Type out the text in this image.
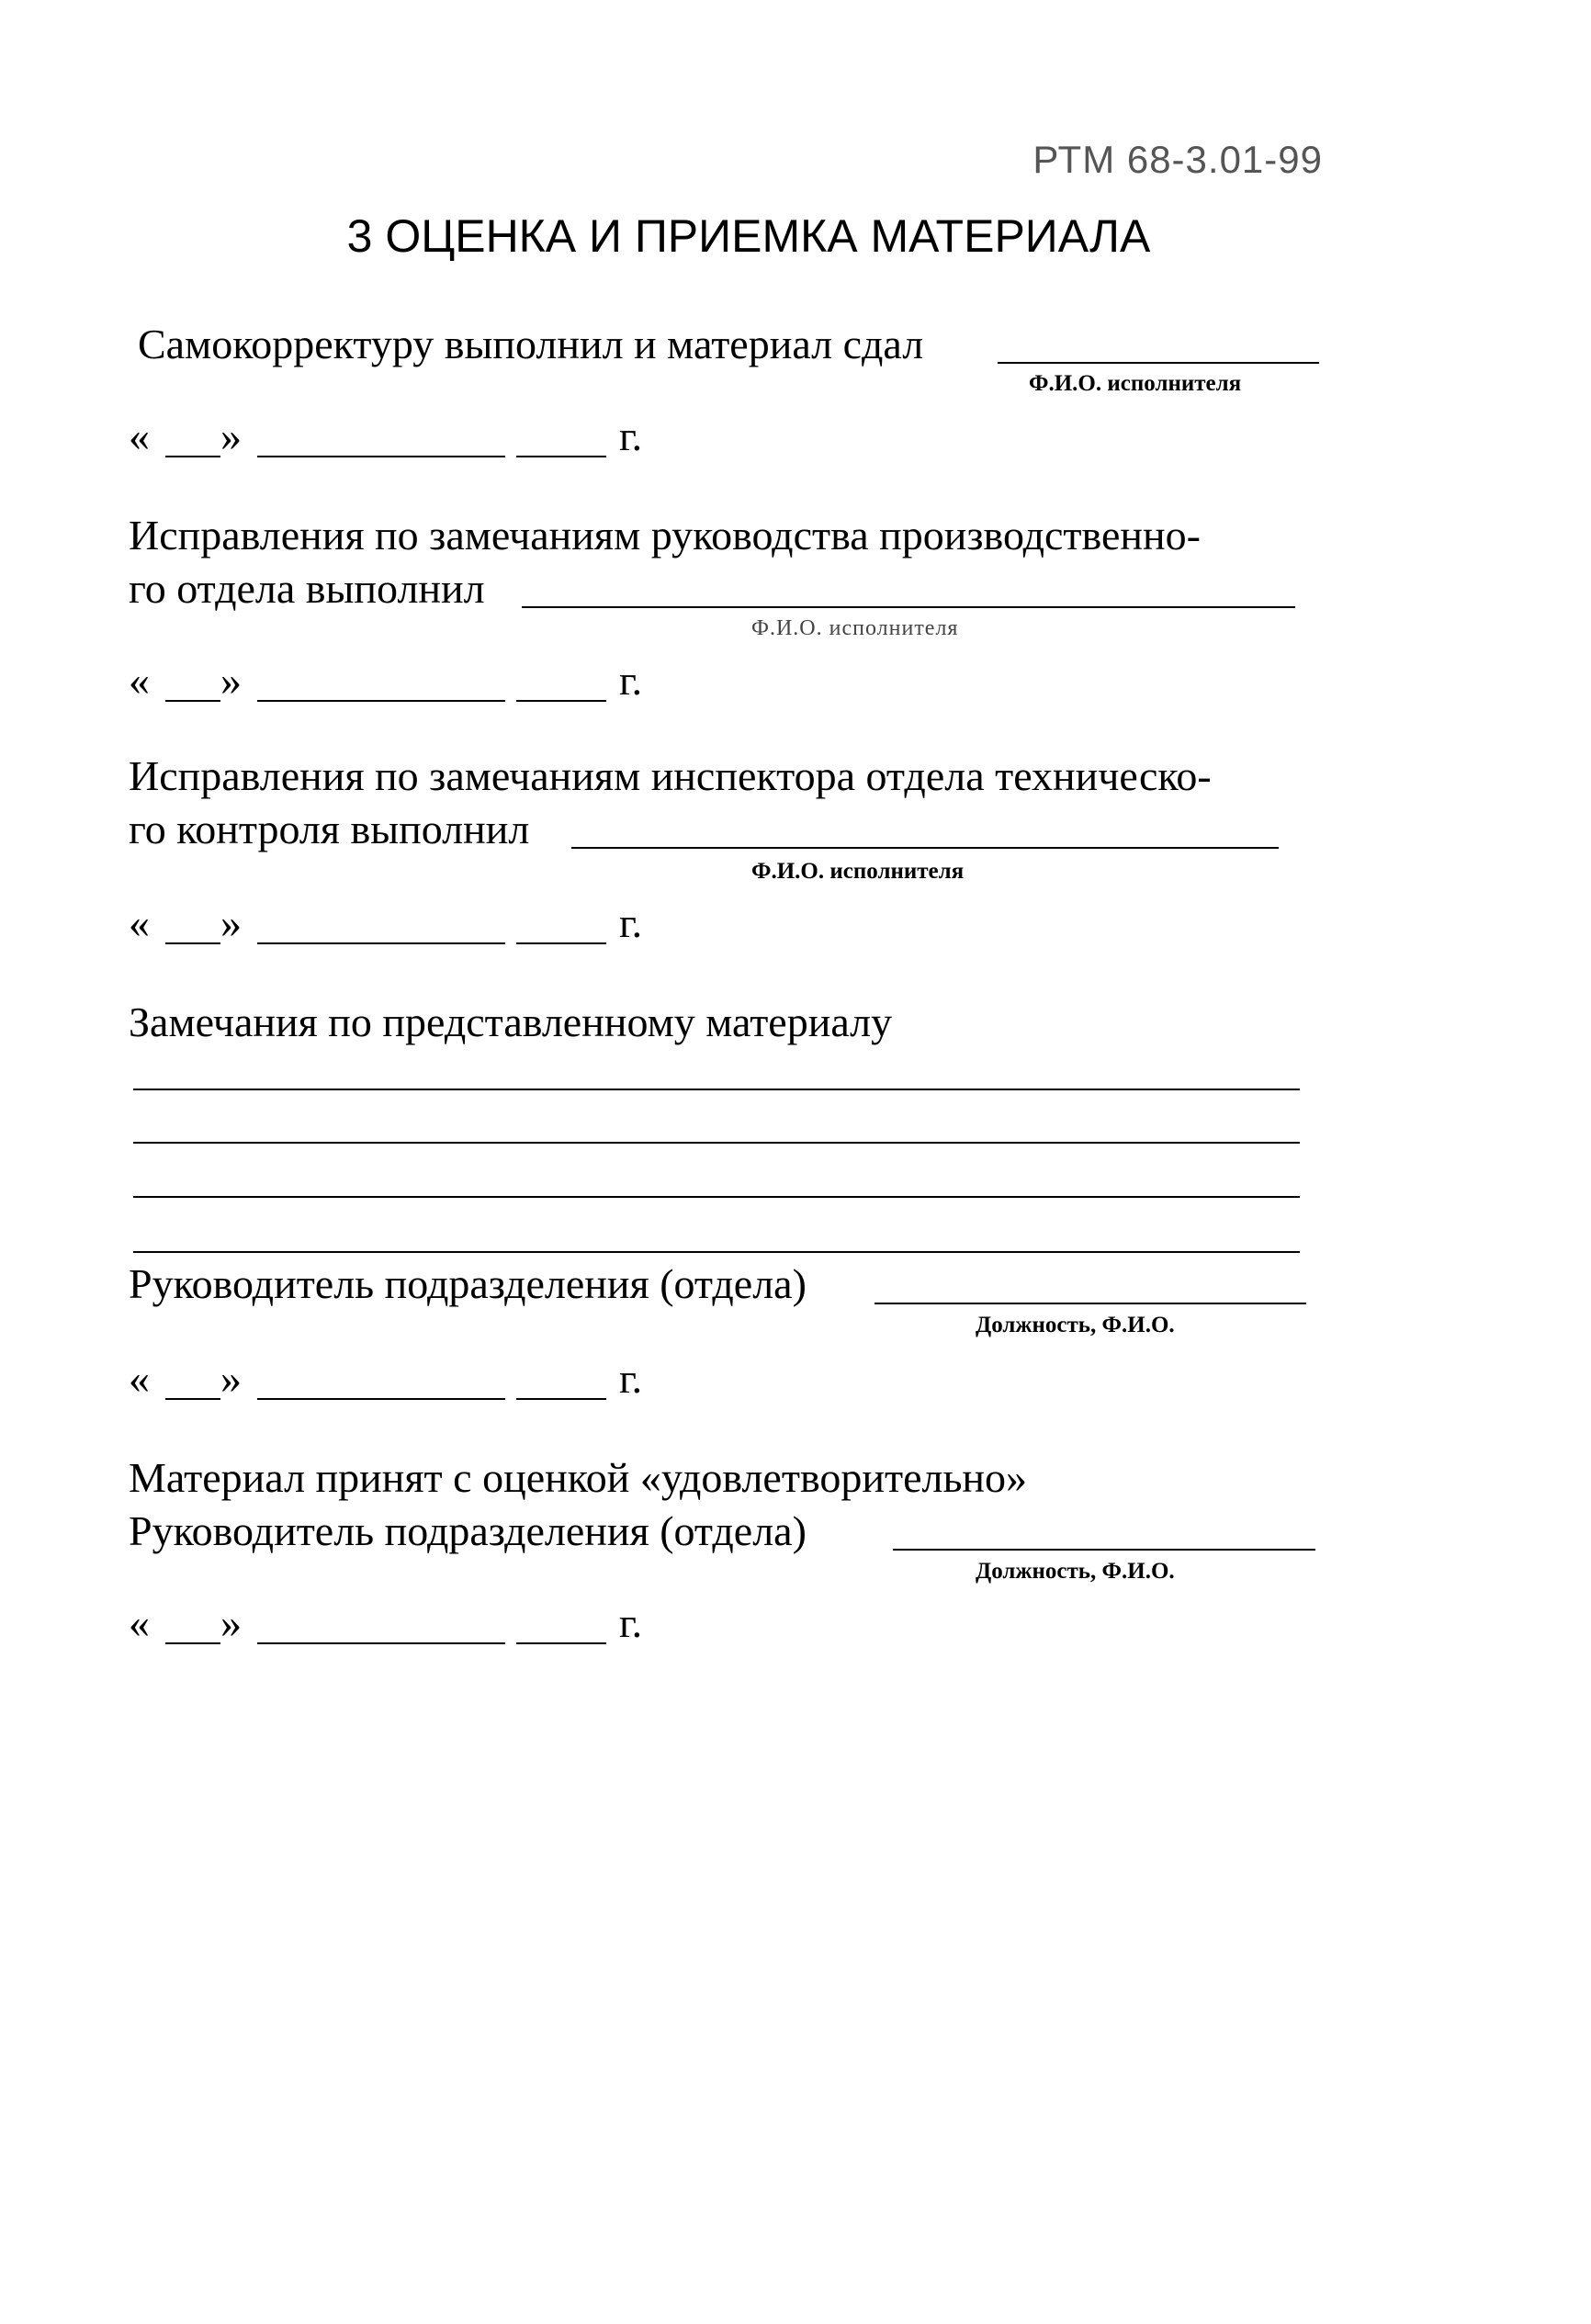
РТМ 68-3.01-99
3 ОЦЕНКА И ПРИЕМКА МАТЕРИАЛА
Самокорректуру выполнил и материал сдал
Ф.И.О. исполнителя
« »	г.
Исправления по замечаниям руководства производственно-
го отдела выполнил
Ф.И.О. исполнителя
« »	г.
Исправления по замечаниям инспектора отдела техническо-
го контроля выполнил
Ф.И.О. исполнителя
« »	г.
Замечания по представленному материалу
Руководитель подразделения (отдела)
Должность, Ф.И.О.
« »	г.
Материал принят с оценкой «удовлетворительно»
Руководитель подразделения (отдела)
Должность, Ф.И.О.
« »	г.
